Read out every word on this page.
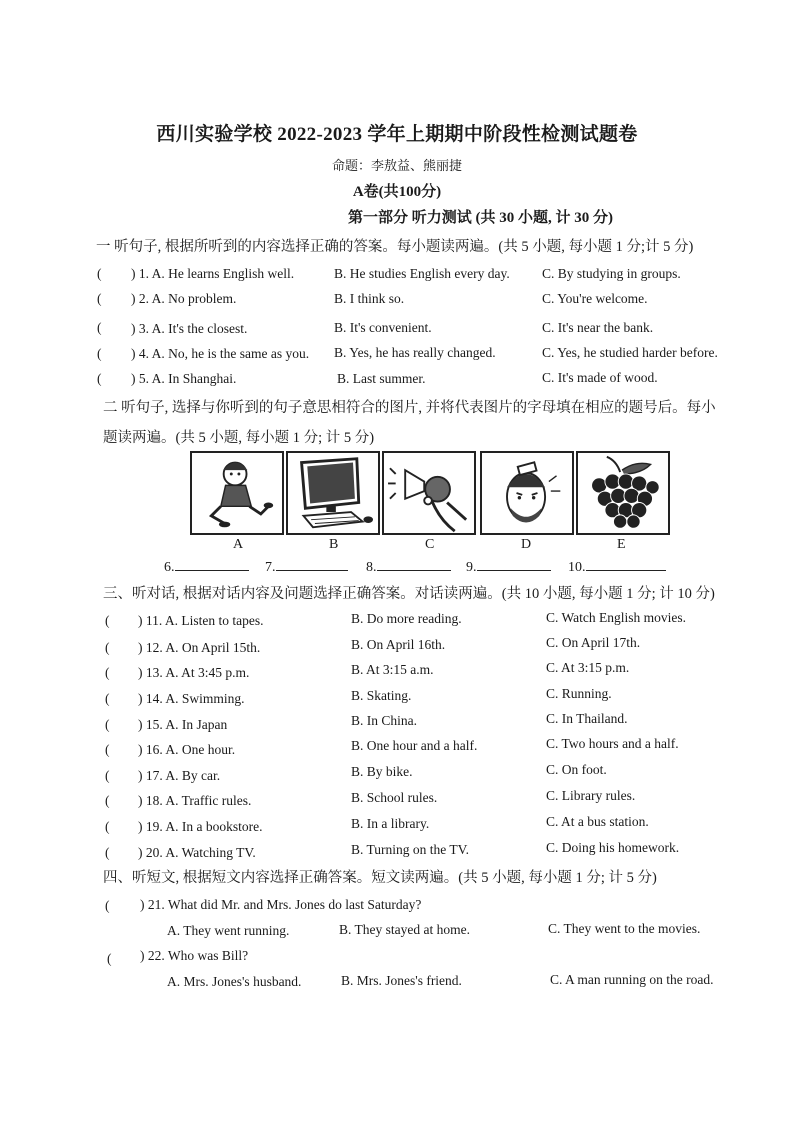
西川实验学校 2022-2023 学年上期期中阶段性检测试题卷
命题：李敖益、熊丽捷
A卷(共100分)
第一部分 听力测试 (共 30 小题, 计 30 分)
一 听句子, 根据所听到的内容选择正确的答案。每小题读两遍。(共 5 小题, 每小题 1 分;计 5 分)
( ) 1. A. He learns English well.	B. He studies English every day. C. By studying in groups.
( ) 2. A. No problem.	B. I think so.	C. You're welcome.
( ) 3. A. It's the closest.	B. It's convenient.	C. It's near the bank.
( ) 4. A. No, he is the same as you. B. Yes, he has really changed.	C. Yes, he studied harder before.
( ) 5. A. In Shanghai.	B. Last summer.	C. It's made of wood.
二 听句子, 选择与你听到的句子意思相符合的图片, 并将代表图片的字母填在相应的题号后。每小
题读两遍。(共 5 小题, 每小题 1 分; 计 5 分)
A	B	C	D	E
6.	7.	8.	9.	10.
三、听对话, 根据对话内容及问题选择正确答案。对话读两遍。(共 10 小题, 每小题 1 分; 计 10 分)
( ) 11. A. Listen to tapes.	B. Do more reading.	C. Watch English movies.
( ) 12. A. On April 15th.	B. On April 16th.	C. On April 17th.
( ) 13. A. At 3:45 p.m.	B. At 3:15 a.m.	C. At 3:15 p.m.
( ) 14. A. Swimming.	B. Skating.	C. Running.
( ) 15. A. In Japan	B. In China.	C. In Thailand.
( ) 16. A. One hour.	B. One hour and a half.	C. Two hours and a half.
( ) 17. A. By car.	B. By bike.	C. On foot.
( ) 18. A. Traffic rules.	B. School rules.	C. Library rules.
( ) 19. A. In a bookstore.	B. In a library.	C. At a bus station.
( ) 20. A. Watching TV.	B. Turning on the TV.	C. Doing his homework.
四、听短文, 根据短文内容选择正确答案。短文读两遍。(共 5 小题, 每小题 1 分; 计 5 分)
( ) 21. What did Mr. and Mrs. Jones do last Saturday?
A. They went running.	B. They stayed at home.	C. They went to the movies.
( ) 22. Who was Bill?
A. Mrs. Jones's husband.	B. Mrs. Jones's friend.	C. A man running on the road.
